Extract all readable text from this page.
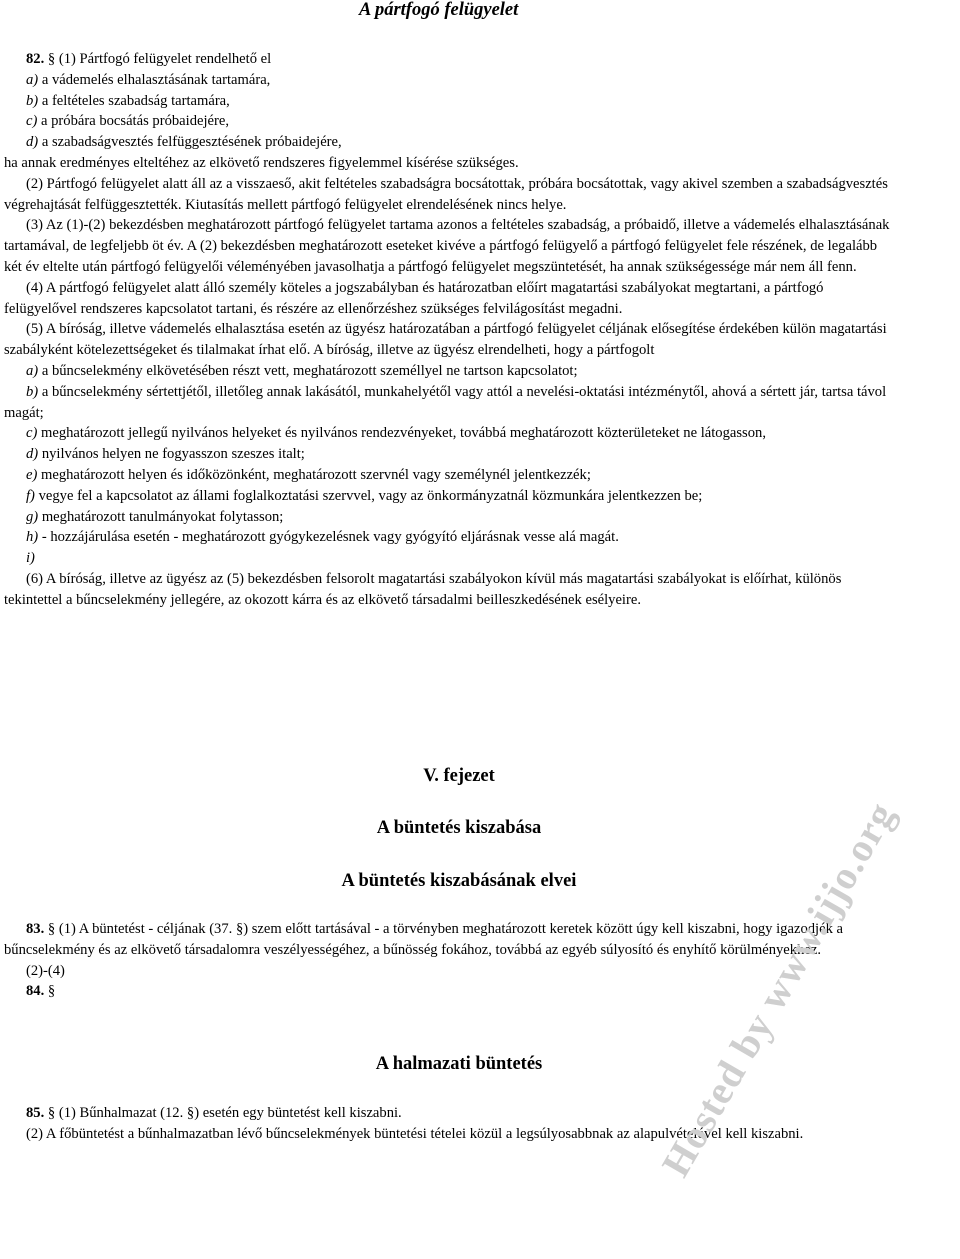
A pártfogó felügyelet

82. § (1) Pártfogó felügyelet rendelhető el

a) a vádemelés elhalasztásának tartamára,

b) a feltételes szabadság tartamára,

c) a próbára bocsátás próbaidejére,

d) a szabadságvesztés felfüggesztésének próbaidejére,

ha annak eredményes elteltéhez az elkövető rendszeres figyelemmel kísérése szükséges.

(2) Pártfogó felügyelet alatt áll az a visszaeső, akit feltételes szabadságra bocsátottak, próbára bocsátottak, vagy akivel szemben a szabadságvesztés végrehajtását felfüggesztették. Kiutasítás mellett pártfogó felügyelet elrendelésének nincs helye.

(3) Az (1)-(2) bekezdésben meghatározott pártfogó felügyelet tartama azonos a feltételes szabadság, a próbaidő, illetve a vádemelés elhalasztásának tartamával, de legfeljebb öt év. A (2) bekezdésben meghatározott eseteket kivéve a pártfogó felügyelő a pártfogó felügyelet fele részének, de legalább két év eltelte után pártfogó felügyelői véleményében javasolhatja a pártfogó felügyelet megszüntetését, ha annak szükségessége már nem áll fenn.

(4) A pártfogó felügyelet alatt álló személy köteles a jogszabályban és határozatban előírt magatartási szabályokat megtartani, a pártfogó felügyelővel rendszeres kapcsolatot tartani, és részére az ellenőrzéshez szükséges felvilágosítást megadni.

(5) A bíróság, illetve vádemelés elhalasztása esetén az ügyész határozatában a pártfogó felügyelet céljának elősegítése érdekében külön magatartási szabályként kötelezettségeket és tilalmakat írhat elő. A bíróság, illetve az ügyész elrendelheti, hogy a pártfogolt

a) a bűncselekmény elkövetésében részt vett, meghatározott személlyel ne tartson kapcsolatot;

b) a bűncselekmény sértettjétől, illetőleg annak lakásától, munkahelyétől vagy attól a nevelési-oktatási intézménytől, ahová a sértett jár, tartsa távol magát;

c) meghatározott jellegű nyilvános helyeket és nyilvános rendezvényeket, továbbá meghatározott közterületeket ne látogasson,

d) nyilvános helyen ne fogyasszon szeszes italt;

e) meghatározott helyen és időközönként, meghatározott szervnél vagy személynél jelentkezzék;

f) vegye fel a kapcsolatot az állami foglalkoztatási szervvel, vagy az önkormányzatnál közmunkára jelentkezzen be;

g) meghatározott tanulmányokat folytasson;

h) - hozzájárulása esetén - meghatározott gyógykezelésnek vagy gyógyító eljárásnak vesse alá magát.

i)

(6) A bíróság, illetve az ügyész az (5) bekezdésben felsorolt magatartási szabályokon kívül más magatartási szabályokat is előírhat, különös tekintettel a bűncselekmény jellegére, az okozott kárra és az elkövető társadalmi beilleszkedésének esélyeire.

V. fejezet
A büntetés kiszabása
A büntetés kiszabásának elvei

83. § (1) A büntetést - céljának (37. §) szem előtt tartásával - a törvényben meghatározott keretek között úgy kell kiszabni, hogy igazodjék a bűncselekmény és az elkövető társadalomra veszélyességéhez, a bűnösség fokához, továbbá az egyéb súlyosító és enyhítő körülményekhez.

(2)-(4)

84. §

A halmazati büntetés

85. § (1) Bűnhalmazat (12. §) esetén egy büntetést kell kiszabni.

(2) A főbüntetést a bűnhalmazatban lévő bűncselekmények büntetési tételei közül a legsúlyosabbnak az alapulvételével kell kiszabni.

Hosted by www.ijjo.org
